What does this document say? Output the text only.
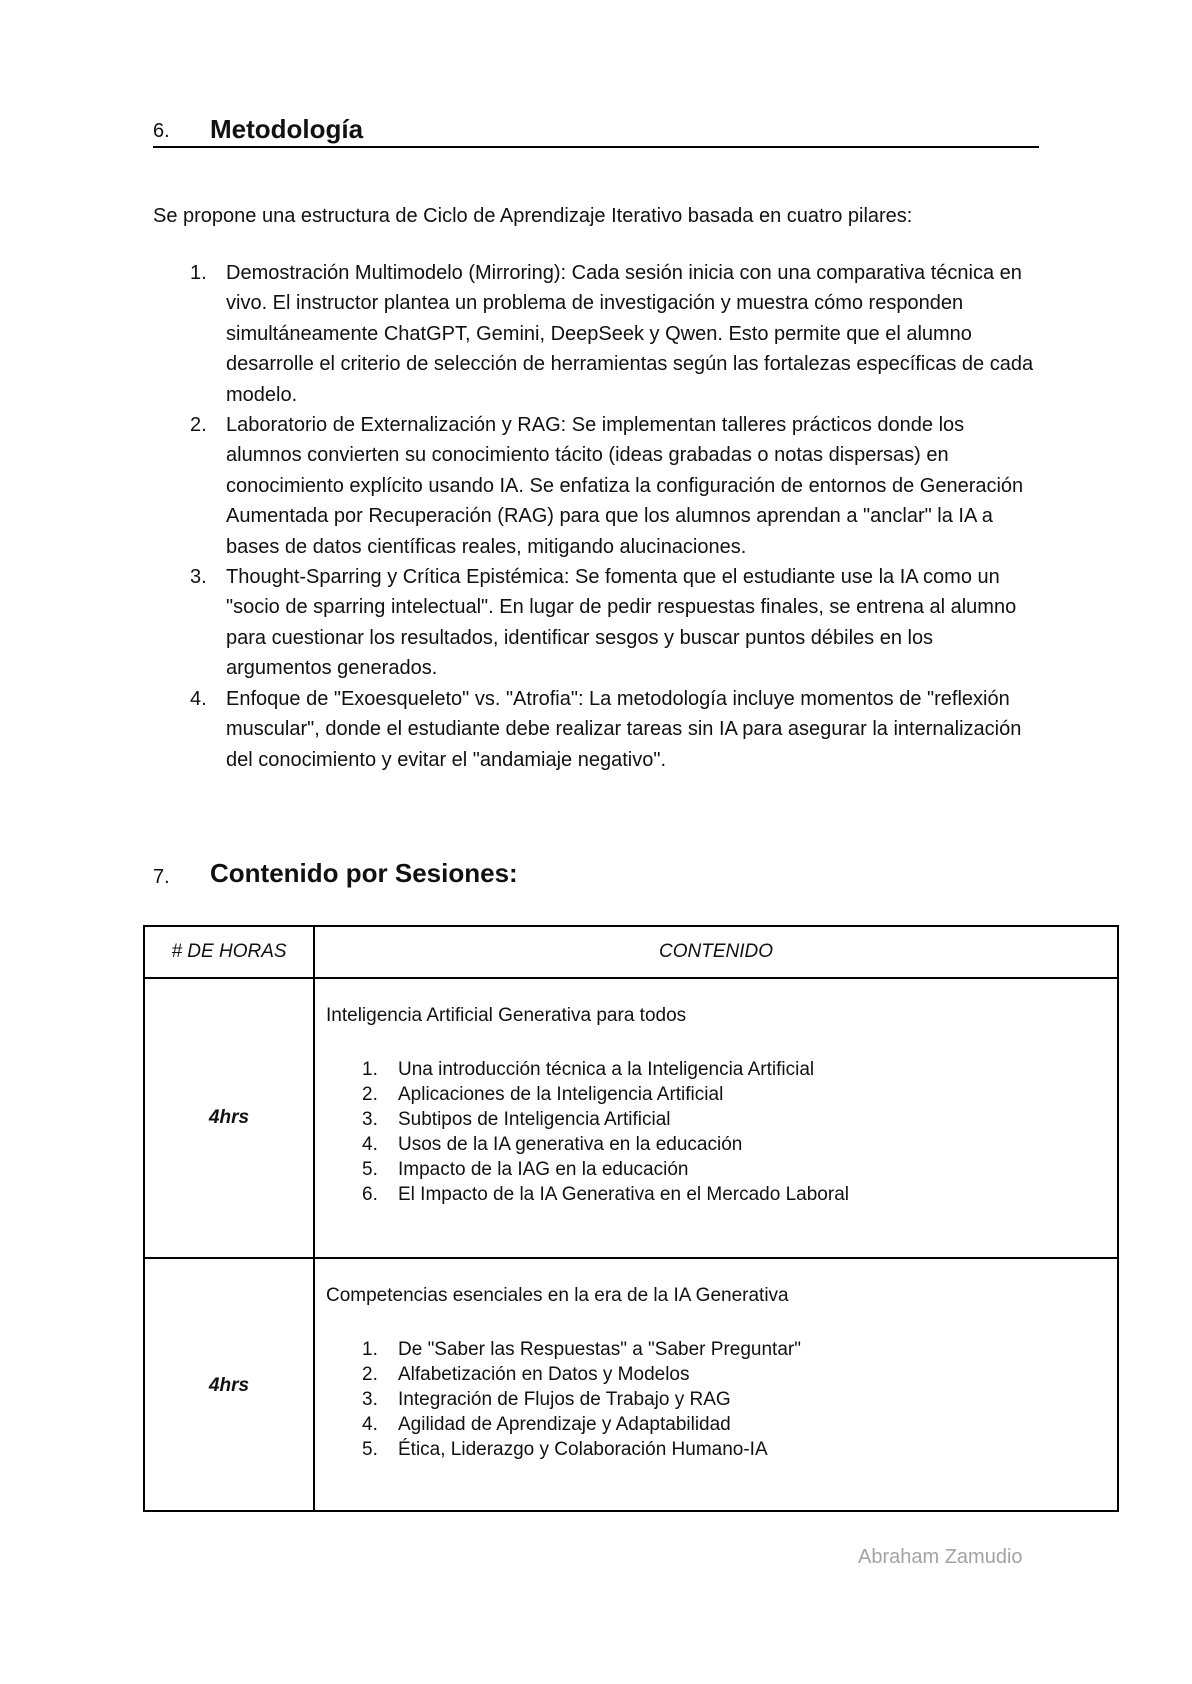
6. Metodología

Se propone una estructura de Ciclo de Aprendizaje Iterativo basada en cuatro pilares:

1. Demostración Multimodelo (Mirroring): Cada sesión inicia con una comparativa técnica en vivo. El instructor plantea un problema de investigación y muestra cómo responden simultáneamente ChatGPT, Gemini, DeepSeek y Qwen. Esto permite que el alumno desarrolle el criterio de selección de herramientas según las fortalezas específicas de cada modelo.
2. Laboratorio de Externalización y RAG: Se implementan talleres prácticos donde los alumnos convierten su conocimiento tácito (ideas grabadas o notas dispersas) en conocimiento explícito usando IA. Se enfatiza la configuración de entornos de Generación Aumentada por Recuperación (RAG) para que los alumnos aprendan a "anclar" la IA a bases de datos científicas reales, mitigando alucinaciones.
3. Thought-Sparring y Crítica Epistémica: Se fomenta que el estudiante use la IA como un "socio de sparring intelectual". En lugar de pedir respuestas finales, se entrena al alumno para cuestionar los resultados, identificar sesgos y buscar puntos débiles en los argumentos generados.
4. Enfoque de "Exoesqueleto" vs. "Atrofia": La metodología incluye momentos de "reflexión muscular", donde el estudiante debe realizar tareas sin IA para asegurar la internalización del conocimiento y evitar el "andamiaje negativo".
7. Contenido por Sesiones:
# DE HORAS	CONTENIDO
4hrs
Inteligencia Artificial Generativa para todos
1. Una introducción técnica a la Inteligencia Artificial
2. Aplicaciones de la Inteligencia Artificial
3. Subtipos de Inteligencia Artificial
4. Usos de la IA generativa en la educación
5. Impacto de la IAG en la educación
6. El Impacto de la IA Generativa en el Mercado Laboral
4hrs
Competencias esenciales en la era de la IA Generativa
1. De "Saber las Respuestas" a "Saber Preguntar"
2. Alfabetización en Datos y Modelos
3. Integración de Flujos de Trabajo y RAG
4. Agilidad de Aprendizaje y Adaptabilidad
5. Ética, Liderazgo y Colaboración Humano-IA
Abraham Zamudio
